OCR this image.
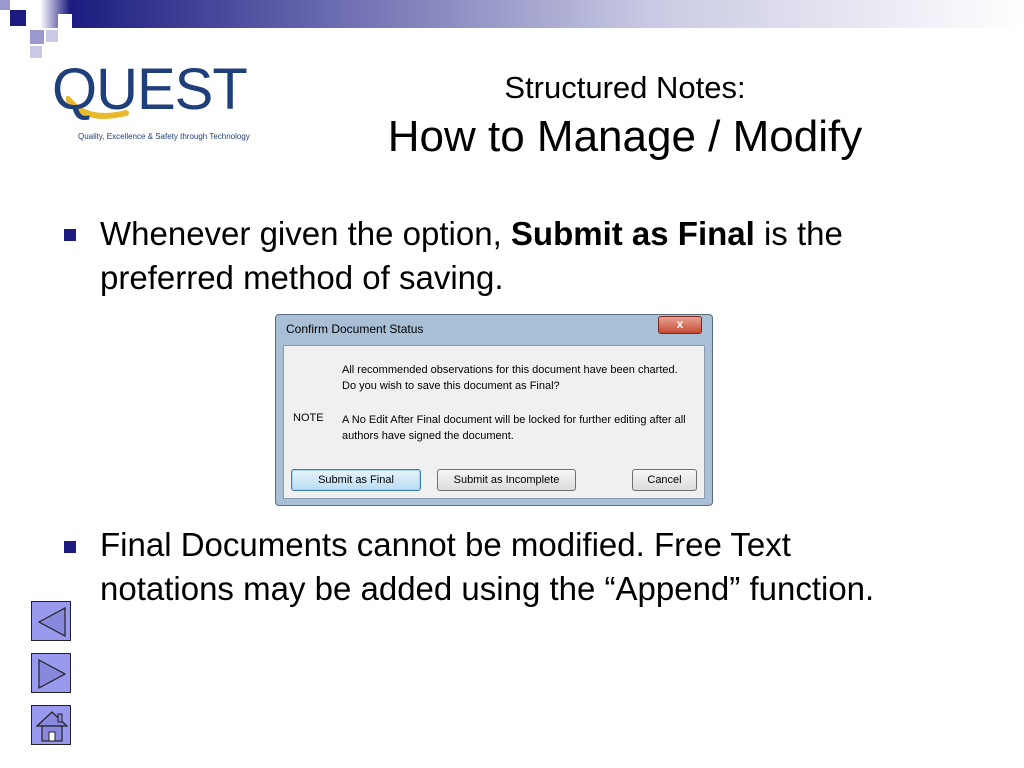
QUEST
Quality, Excellence & Safety through Technology
Structured Notes:
How to Manage / Modify
Whenever given the option, Submit as Final is the preferred method of saving.
Confirm Document Status	x
All recommended observations for this document have been charted. Do you wish to save this document as Final?
NOTE A No Edit After Final document will be locked for further editing after all authors have signed the document.
Submit as Final	Submit as Incomplete	Cancel
Final Documents cannot be modified. Free Text notations may be added using the “Append” function.
